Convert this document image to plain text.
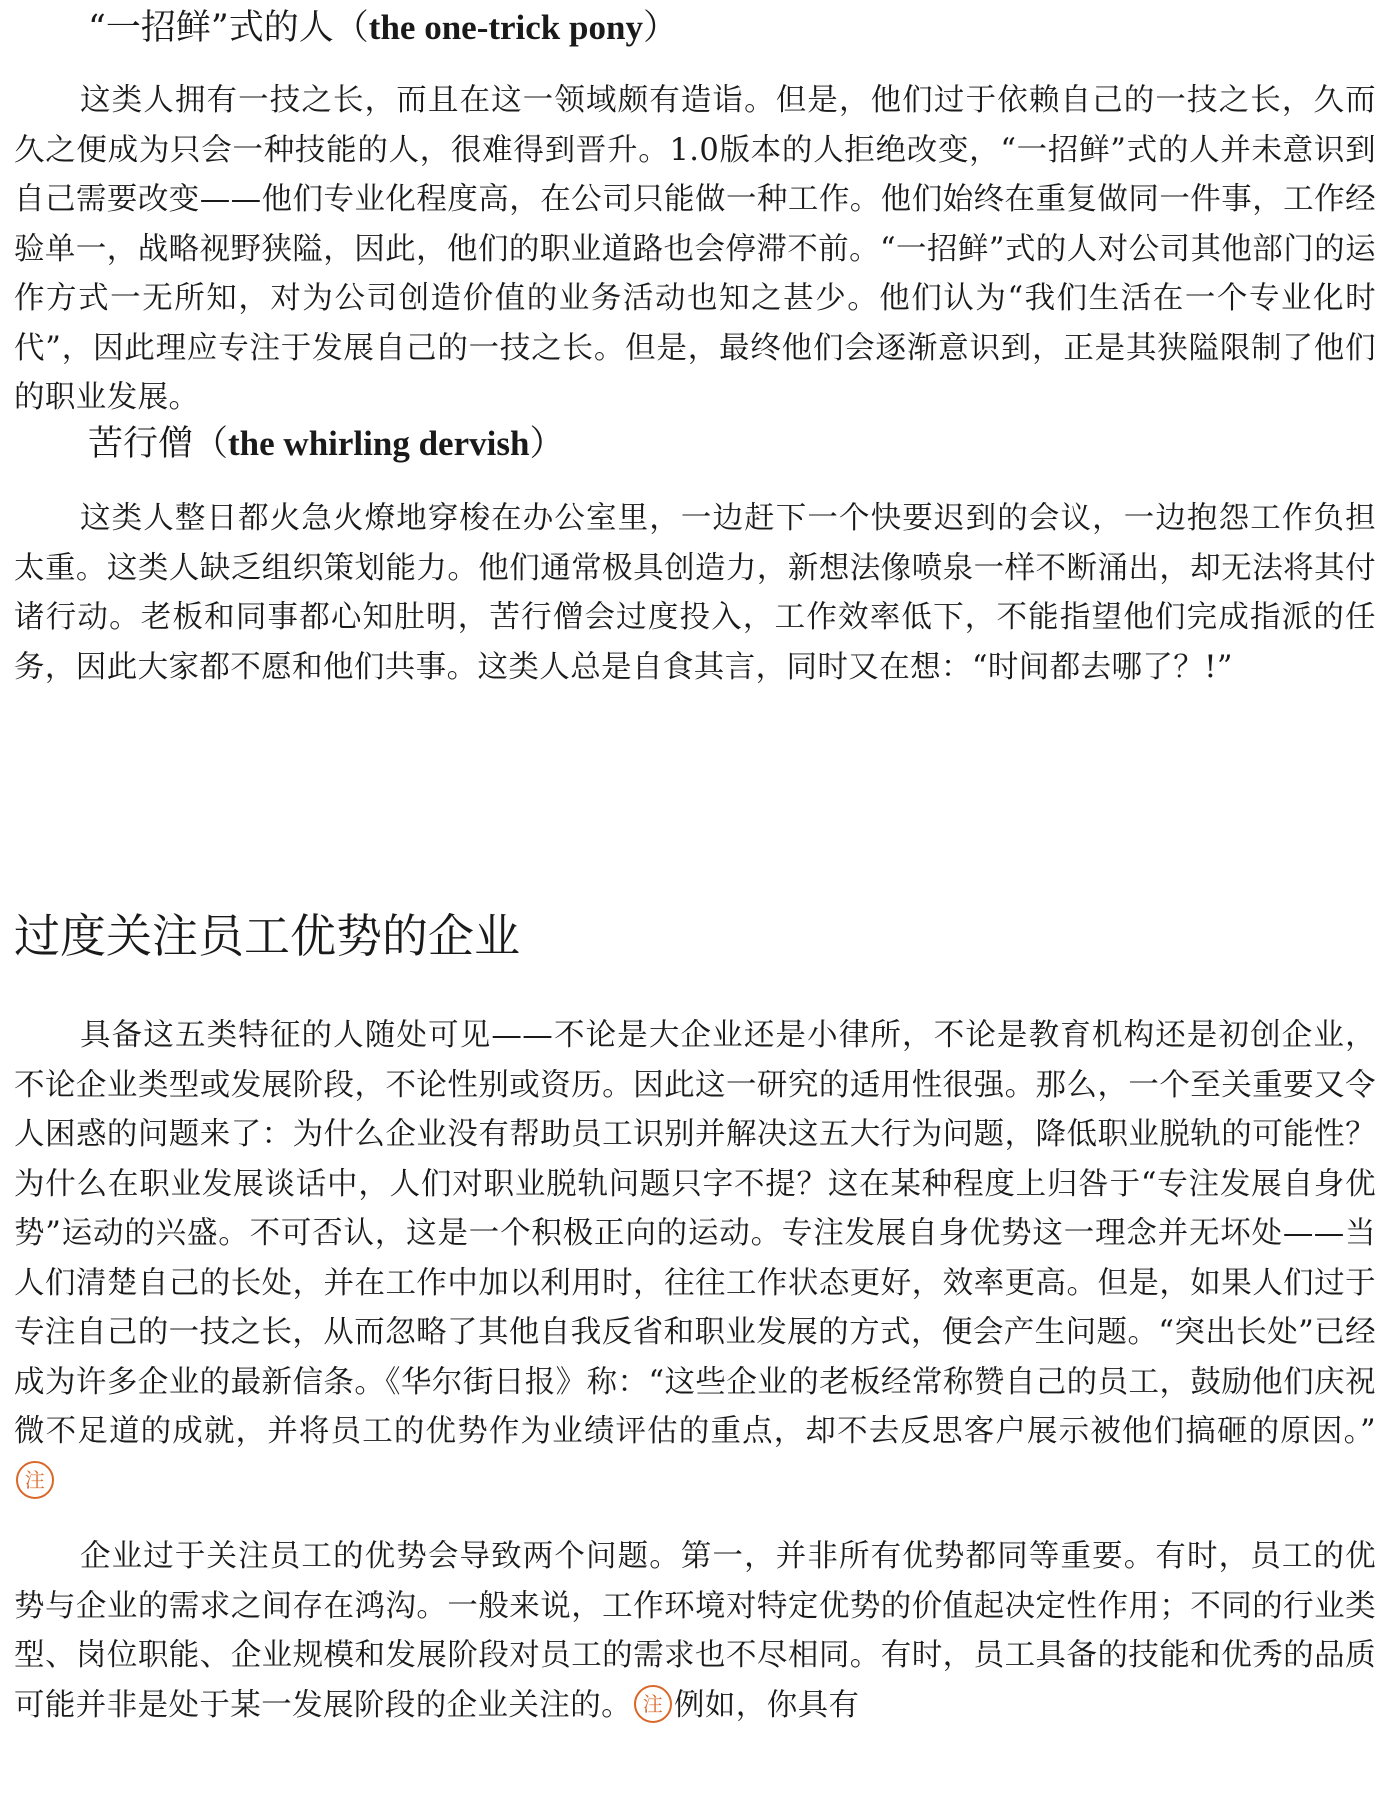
“一招鲜”式的人（the one-trick pony）

这类人拥有一技之长，而且在这一领域颇有造诣。但是，他们过于依赖自己的一技之长，久而久之便成为只会一种技能的人，很难得到晋升。1.0版本的人拒绝改变，“一招鲜”式的人并未意识到自己需要改变——他们专业化程度高，在公司只能做一种工作。他们始终在重复做同一件事，工作经验单一，战略视野狭隘，因此，他们的职业道路也会停滞不前。“一招鲜”式的人对公司其他部门的运作方式一无所知，对为公司创造价值的业务活动也知之甚少。他们认为“我们生活在一个专业化时代”，因此理应专注于发展自己的一技之长。但是，最终他们会逐渐意识到，正是其狭隘限制了他们的职业发展。

苦行僧（the whirling dervish）

这类人整日都火急火燎地穿梭在办公室里，一边赶下一个快要迟到的会议，一边抱怨工作负担太重。这类人缺乏组织策划能力。他们通常极具创造力，新想法像喷泉一样不断涌出，却无法将其付诸行动。老板和同事都心知肚明，苦行僧会过度投入，工作效率低下，不能指望他们完成指派的任务，因此大家都不愿和他们共事。这类人总是自食其言，同时又在想：“时间都去哪了？!”

过度关注员工优势的企业

具备这五类特征的人随处可见——不论是大企业还是小律所，不论是教育机构还是初创企业，不论企业类型或发展阶段，不论性别或资历。因此这一研究的适用性很强。那么，一个至关重要又令人困惑的问题来了：为什么企业没有帮助员工识别并解决这五大行为问题，降低职业脱轨的可能性？为什么在职业发展谈话中，人们对职业脱轨问题只字不提？这在某种程度上归咎于“专注发展自身优势”运动的兴盛。不可否认，这是一个积极正向的运动。专注发展自身优势这一理念并无坏处——当人们清楚自己的长处，并在工作中加以利用时，往往工作状态更好，效率更高。但是，如果人们过于专注自己的一技之长，从而忽略了其他自我反省和职业发展的方式，便会产生问题。“突出长处”已经成为许多企业的最新信条。《华尔街日报》称：“这些企业的老板经常称赞自己的员工，鼓励他们庆祝微不足道的成就，并将员工的优势作为业绩评估的重点，却不去反思客户展示被他们搞砸的原因。”注

企业过于关注员工的优势会导致两个问题。第一，并非所有优势都同等重要。有时，员工的优势与企业的需求之间存在鸿沟。一般来说，工作环境对特定优势的价值起决定性作用；不同的行业类型、岗位职能、企业规模和发展阶段对员工的需求也不尽相同。有时，员工具备的技能和优秀的品质可能并非是处于某一发展阶段的企业关注的。 注 例如，你具有
